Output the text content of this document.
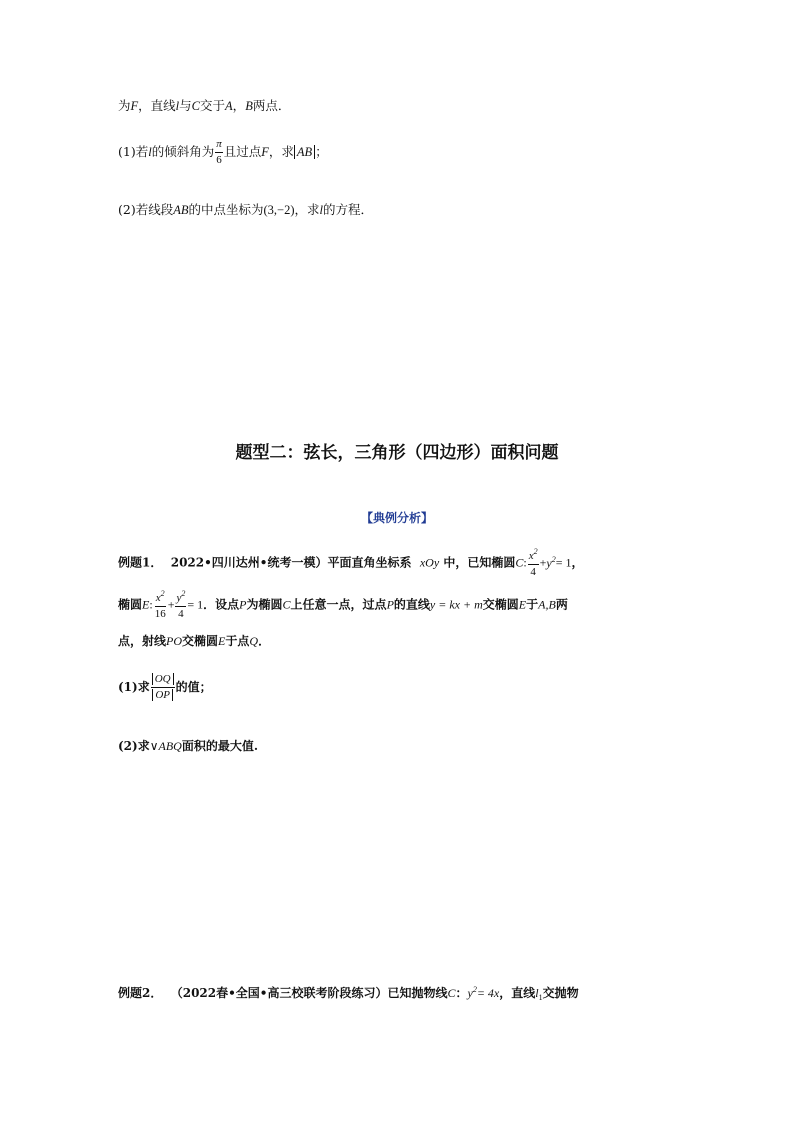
为F，直线l与C交于A，B两点．
(1)若l的倾斜角为 $\frac{\pi}{6}$ 且过点F，求 AB ；
(2)若线段AB的中点坐标为(3,−2)，求l的方程．
题型二：弦长，三角形（四边形）面积问题
【典例分析】
例题1． 2022•四川达州•统考一模）平面直角坐标系 xOy 中，已知椭圆C: $\frac{x^2}{4} +y^2= 1$，
椭圆E: $\frac{x^2}{16} + \frac{y^2}{4} = 1$．设点P为椭圆C上任意一点，过点P的直线y = kx + m交椭圆E于A,B两
点，射线PO交椭圆E于点Q．
(1)求 $\frac{OQ}{OP}$ 的值；
(2)求∨ABQ面积的最大值.
例题2． （2022春•全国•高三校联考阶段练习）已知抛物线C：$y^2= 4x$，直线$l_1$交抛物
